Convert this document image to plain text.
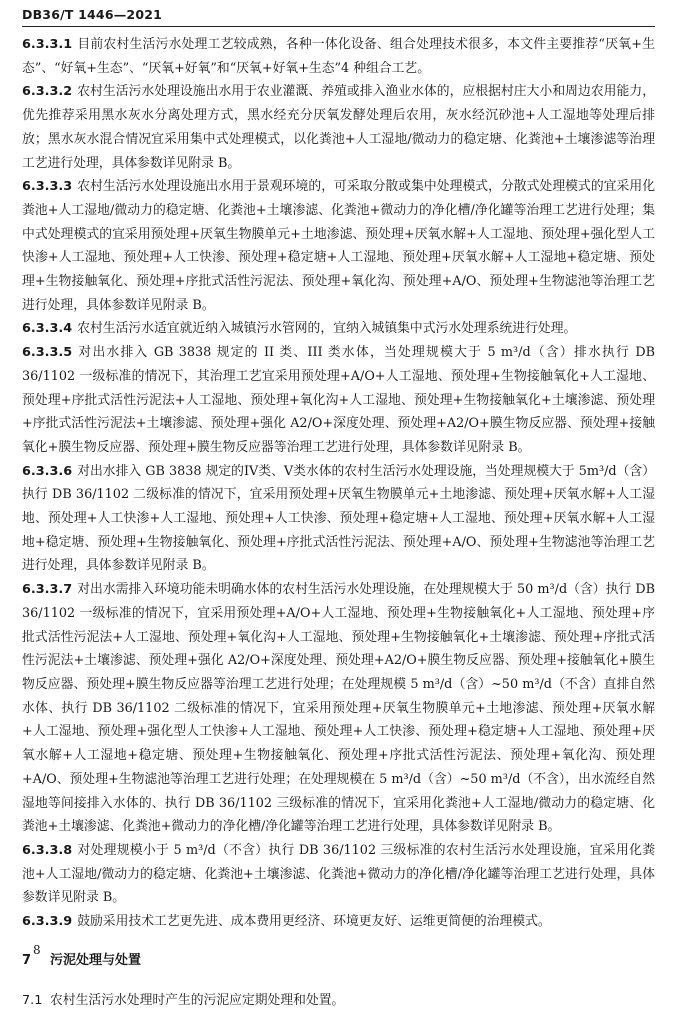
DB36/T 1446—2021

6.3.3.1 目前农村生活污水处理工艺较成熟，各种一体化设备、组合处理技术很多，本文件主要推荐“厌氧+生态”、“好氧+生态”、“厌氧+好氧”和“厌氧+好氧+生态”4 种组合工艺。

6.3.3.2 农村生活污水处理设施出水用于农业灌溉、养殖或排入渔业水体的，应根据村庄大小和周边农用能力，优先推荐采用黑水灰水分离处理方式，黑水经充分厌氧发酵处理后农用，灰水经沉砂池+人工湿地等处理后排放；黑水灰水混合情况宜采用集中式处理模式，以化粪池+人工湿地/微动力的稳定塘、化粪池+土壤渗滤等治理工艺进行处理，具体参数详见附录 B。

6.3.3.3 农村生活污水处理设施出水用于景观环境的，可采取分散或集中处理模式，分散式处理模式的宜采用化粪池+人工湿地/微动力的稳定塘、化粪池+土壤渗滤、化粪池+微动力的净化槽/净化罐等治理工艺进行处理；集中式处理模式的宜采用预处理+厌氧生物膜单元+土地渗滤、预处理+厌氧水解+人工湿地、预处理+强化型人工快渗+人工湿地、预处理+人工快渗、预处理+稳定塘+人工湿地、预处理+厌氧水解+人工湿地+稳定塘、预处理+生物接触氧化、预处理+序批式活性污泥法、预处理+氧化沟、预处理+A/O、预处理+生物滤池等治理工艺进行处理，具体参数详见附录 B。

6.3.3.4 农村生活污水适宜就近纳入城镇污水管网的，宜纳入城镇集中式污水处理系统进行处理。

6.3.3.5 对出水排入 GB 3838 规定的 II 类、III 类水体，当处理规模大于 5 m³/d（含）排水执行 DB 36/1102 一级标准的情况下，其治理工艺宜采用预处理+A/O+人工湿地、预处理+生物接触氧化+人工湿地、预处理+序批式活性污泥法+人工湿地、预处理+氧化沟+人工湿地、预处理+生物接触氧化+土壤渗滤、预处理+序批式活性污泥法+土壤渗滤、预处理+强化 A2/O+深度处理、预处理+A2/O+膜生物反应器、预处理+接触氧化+膜生物反应器、预处理+膜生物反应器等治理工艺进行处理，具体参数详见附录 B。

6.3.3.6 对出水排入 GB 3838 规定的IV类、V类水体的农村生活污水处理设施，当处理规模大于 5m³/d（含）执行 DB 36/1102 二级标准的情况下，宜采用预处理+厌氧生物膜单元+土地渗滤、预处理+厌氧水解+人工湿地、预处理+人工快渗+人工湿地、预处理+人工快渗、预处理+稳定塘+人工湿地、预处理+厌氧水解+人工湿地+稳定塘、预处理+生物接触氧化、预处理+序批式活性污泥法、预处理+A/O、预处理+生物滤池等治理工艺进行处理，具体参数详见附录 B。

6.3.3.7 对出水需排入环境功能未明确水体的农村生活污水处理设施，在处理规模大于 50 m³/d（含）执行 DB 36/1102 一级标准的情况下，宜采用预处理+A/O+人工湿地、预处理+生物接触氧化+人工湿地、预处理+序批式活性污泥法+人工湿地、预处理+氧化沟+人工湿地、预处理+生物接触氧化+土壤渗滤、预处理+序批式活性污泥法+土壤渗滤、预处理+强化 A2/O+深度处理、预处理+A2/O+膜生物反应器、预处理+接触氧化+膜生物反应器、预处理+膜生物反应器等治理工艺进行处理；在处理规模 5 m³/d（含）~50 m³/d（不含）直排自然水体、执行 DB 36/1102 二级标准的情况下，宜采用预处理+厌氧生物膜单元+土地渗滤、预处理+厌氧水解+人工湿地、预处理+强化型人工快渗+人工湿地、预处理+人工快渗、预处理+稳定塘+人工湿地、预处理+厌氧水解+人工湿地+稳定塘、预处理+生物接触氧化、预处理+序批式活性污泥法、预处理+氧化沟、预处理+A/O、预处理+生物滤池等治理工艺进行处理；在处理规模在 5 m³/d（含）~50 m³/d（不含），出水流经自然湿地等间接排入水体的、执行 DB 36/1102 三级标准的情况下，宜采用化粪池+人工湿地/微动力的稳定塘、化粪池+土壤渗滤、化粪池+微动力的净化槽/净化罐等治理工艺进行处理，具体参数详见附录 B。

6.3.3.8 对处理规模小于 5 m³/d（不含）执行 DB 36/1102 三级标准的农村生活污水处理设施，宜采用化粪池+人工湿地/微动力的稳定塘、化粪池+土壤渗滤、化粪池+微动力的净化槽/净化罐等治理工艺进行处理，具体参数详见附录 B。

6.3.3.9 鼓励采用技术工艺更先进、成本费用更经济、环境更友好、运维更简便的治理模式。

7 污泥处理与处置
7.1 农村生活污水处理时产生的污泥应定期处理和处置。
8
